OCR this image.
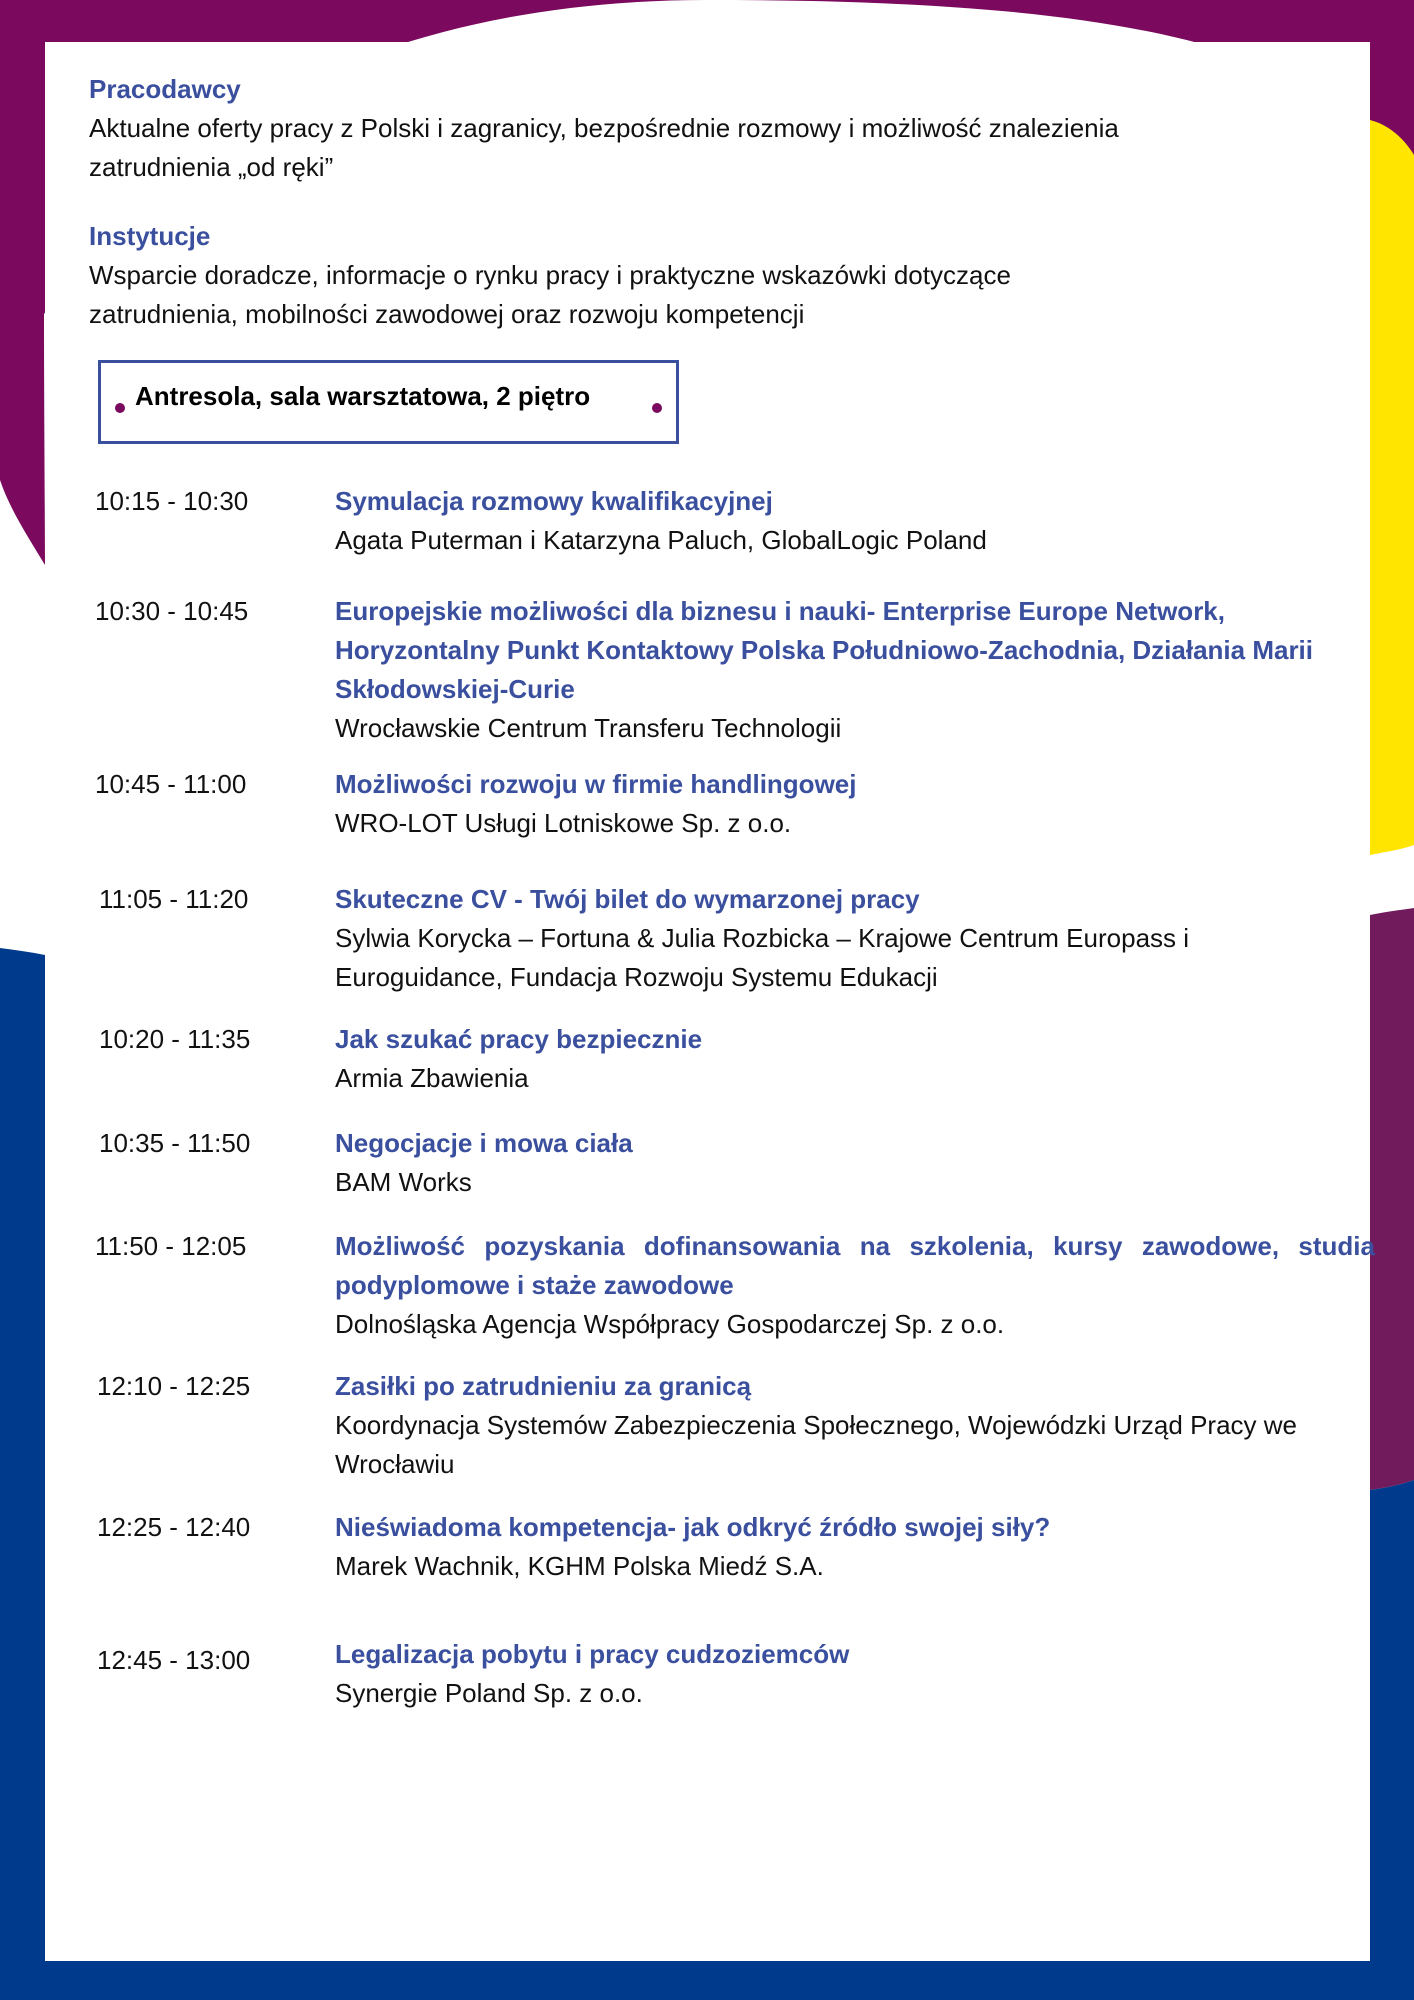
Pracodawcy

Aktualne oferty pracy z Polski i zagranicy, bezpośrednie rozmowy i możliwość znalezienia zatrudnienia „od ręki”

Instytucje

Wsparcie doradcze, informacje o rynku pracy i praktyczne wskazówki dotyczące zatrudnienia, mobilności zawodowej oraz rozwoju kompetencji

Antresola, sala warsztatowa, 2 piętro
10:15 - 10:30	Symulacja rozmowy kwalifikacyjnej

Agata Puterman i Katarzyna Paluch, GlobalLogic Poland

10:30 - 10:45	Europejskie możliwości dla biznesu i nauki- Enterprise Europe Network, Horyzontalny Punkt Kontaktowy Polska Południowo-Zachodnia, Działania Marii Skłodowskiej-Curie

Wrocławskie Centrum Transferu Technologii

10:45 - 11:00	Możliwości rozwoju w firmie handlingowej

WRO-LOT Usługi Lotniskowe Sp. z o.o.

11:05 - 11:20	Skuteczne CV - Twój bilet do wymarzonej pracy

Sylwia Korycka – Fortuna & Julia Rozbicka – Krajowe Centrum Europass i Euroguidance, Fundacja Rozwoju Systemu Edukacji

10:20 - 11:35	Jak szukać pracy bezpiecznie

Armia Zbawienia

10:35 - 11:50	Negocjacje i mowa ciała

BAM Works

11:50 - 12:05	Możliwość pozyskania dofinansowania na szkolenia, kursy zawodowe, studia podyplomowe i staże zawodowe

Dolnośląska Agencja Współpracy Gospodarczej Sp. z o.o.

12:10 - 12:25	Zasiłki po zatrudnieniu za granicą

Koordynacja Systemów Zabezpieczenia Społecznego, Wojewódzki Urząd Pracy we Wrocławiu

12:25 - 12:40	Nieświadoma kompetencja- jak odkryć źródło swojej siły?

Marek Wachnik, KGHM Polska Miedź S.A.

12:45 - 13:00	Legalizacja pobytu i pracy cudzoziemców

Synergie Poland Sp. z o.o.
